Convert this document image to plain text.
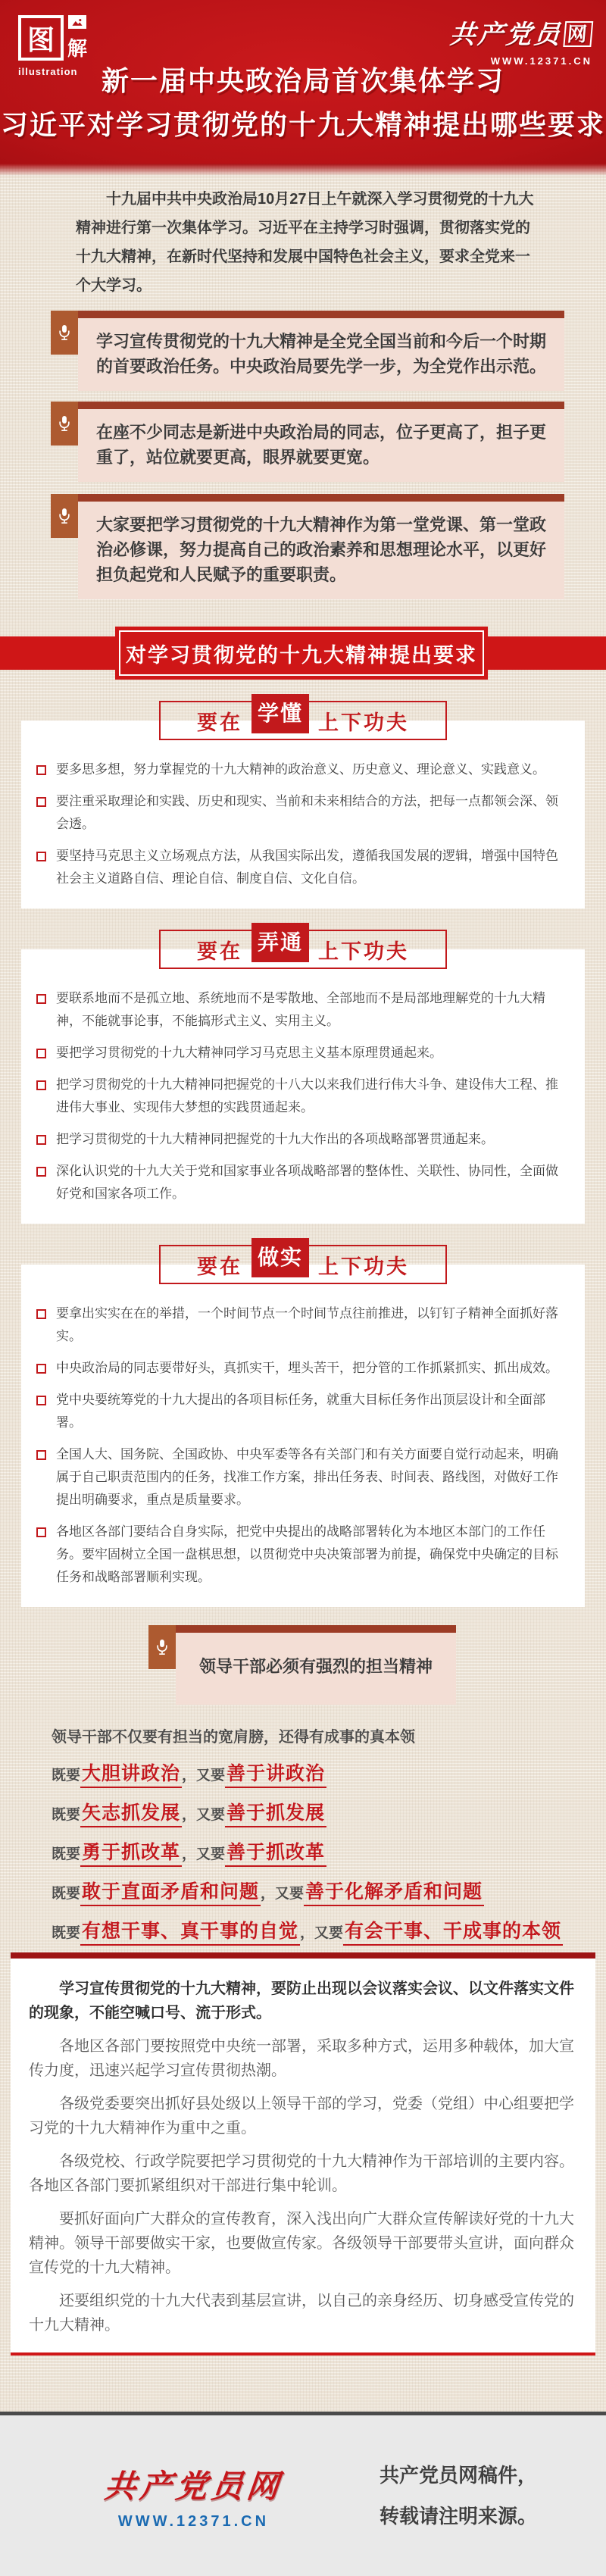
图 解
illustration
共产党员 网
WWW.12371.CN
新一届中央政治局首次集体学习
习近平对学习贯彻党的十九大精神提出哪些要求
十九届中共中央政治局10月27日上午就深入学习贯彻党的十九大精神进行第一次集体学习。习近平在主持学习时强调，贯彻落实党的十九大精神，在新时代坚持和发展中国特色社会主义，要求全党来一个大学习。
学习宣传贯彻党的十九大精神是全党全国当前和今后一个时期的首要政治任务。中央政治局要先学一步，为全党作出示范。
在座不少同志是新进中央政治局的同志，位子更高了，担子更重了，站位就要更高，眼界就要更宽。
大家要把学习贯彻党的十九大精神作为第一堂党课、第一堂政治必修课，努力提高自己的政治素养和思想理论水平，以更好担负起党和人民赋予的重要职责。
对学习贯彻党的十九大精神提出要求
要在 学懂 上下功夫
要多思多想，努力掌握党的十九大精神的政治意义、历史意义、理论意义、实践意义。
要注重采取理论和实践、历史和现实、当前和未来相结合的方法，把每一点都领会深、领会透。
要坚持马克思主义立场观点方法，从我国实际出发，遵循我国发展的逻辑，增强中国特色社会主义道路自信、理论自信、制度自信、文化自信。
要在 弄通 上下功夫
要联系地而不是孤立地、系统地而不是零散地、全部地而不是局部地理解党的十九大精神，不能就事论事，不能搞形式主义、实用主义。
要把学习贯彻党的十九大精神同学习马克思主义基本原理贯通起来。
把学习贯彻党的十九大精神同把握党的十八大以来我们进行伟大斗争、建设伟大工程、推进伟大事业、实现伟大梦想的实践贯通起来。
把学习贯彻党的十九大精神同把握党的十九大作出的各项战略部署贯通起来。
深化认识党的十九大关于党和国家事业各项战略部署的整体性、关联性、协同性，全面做好党和国家各项工作。
要在 做实 上下功夫
要拿出实实在在的举措，一个时间节点一个时间节点往前推进，以钉钉子精神全面抓好落实。
中央政治局的同志要带好头，真抓实干，埋头苦干，把分管的工作抓紧抓实、抓出成效。
党中央要统筹党的十九大提出的各项目标任务，就重大目标任务作出顶层设计和全面部署。
全国人大、国务院、全国政协、中央军委等各有关部门和有关方面要自觉行动起来，明确属于自己职责范围内的任务，找准工作方案，排出任务表、时间表、路线图，对做好工作提出明确要求，重点是质量要求。
各地区各部门要结合自身实际，把党中央提出的战略部署转化为本地区本部门的工作任务。要牢固树立全国一盘棋思想，以贯彻党中央决策部署为前提，确保党中央确定的目标任务和战略部署顺利实现。
领导干部必须有强烈的担当精神
领导干部不仅要有担当的宽肩膀，还得有成事的真本领
既要大胆讲政治 ，又要善于讲政治
既要矢志抓发展 ，又要善于抓发展
既要勇于抓改革 ，又要善于抓改革
既要敢于直面矛盾和问题 ，又要善于化解矛盾和问题
既要有想干事、真干事的自觉 ，又要有会干事、干成事的本领

学习宣传贯彻党的十九大精神，要防止出现以会议落实会议、以文件落实文件的现象，不能空喊口号、流于形式。

各地区各部门要按照党中央统一部署，采取多种方式，运用多种载体，加大宣传力度，迅速兴起学习宣传贯彻热潮。

各级党委要突出抓好县处级以上领导干部的学习，党委（党组）中心组要把学习党的十九大精神作为重中之重。

各级党校、行政学院要把学习贯彻党的十九大精神作为干部培训的主要内容。各地区各部门要抓紧组织对干部进行集中轮训。

要抓好面向广大群众的宣传教育，深入浅出向广大群众宣传解读好党的十九大精神。领导干部要做实干家，也要做宣传家。各级领导干部要带头宣讲，面向群众宣传党的十九大精神。

还要组织党的十九大代表到基层宣讲，以自己的亲身经历、切身感受宣传党的十九大精神。

共产党员网
WWW.12371.CN
共产党员网稿件，
转载请注明来源。
